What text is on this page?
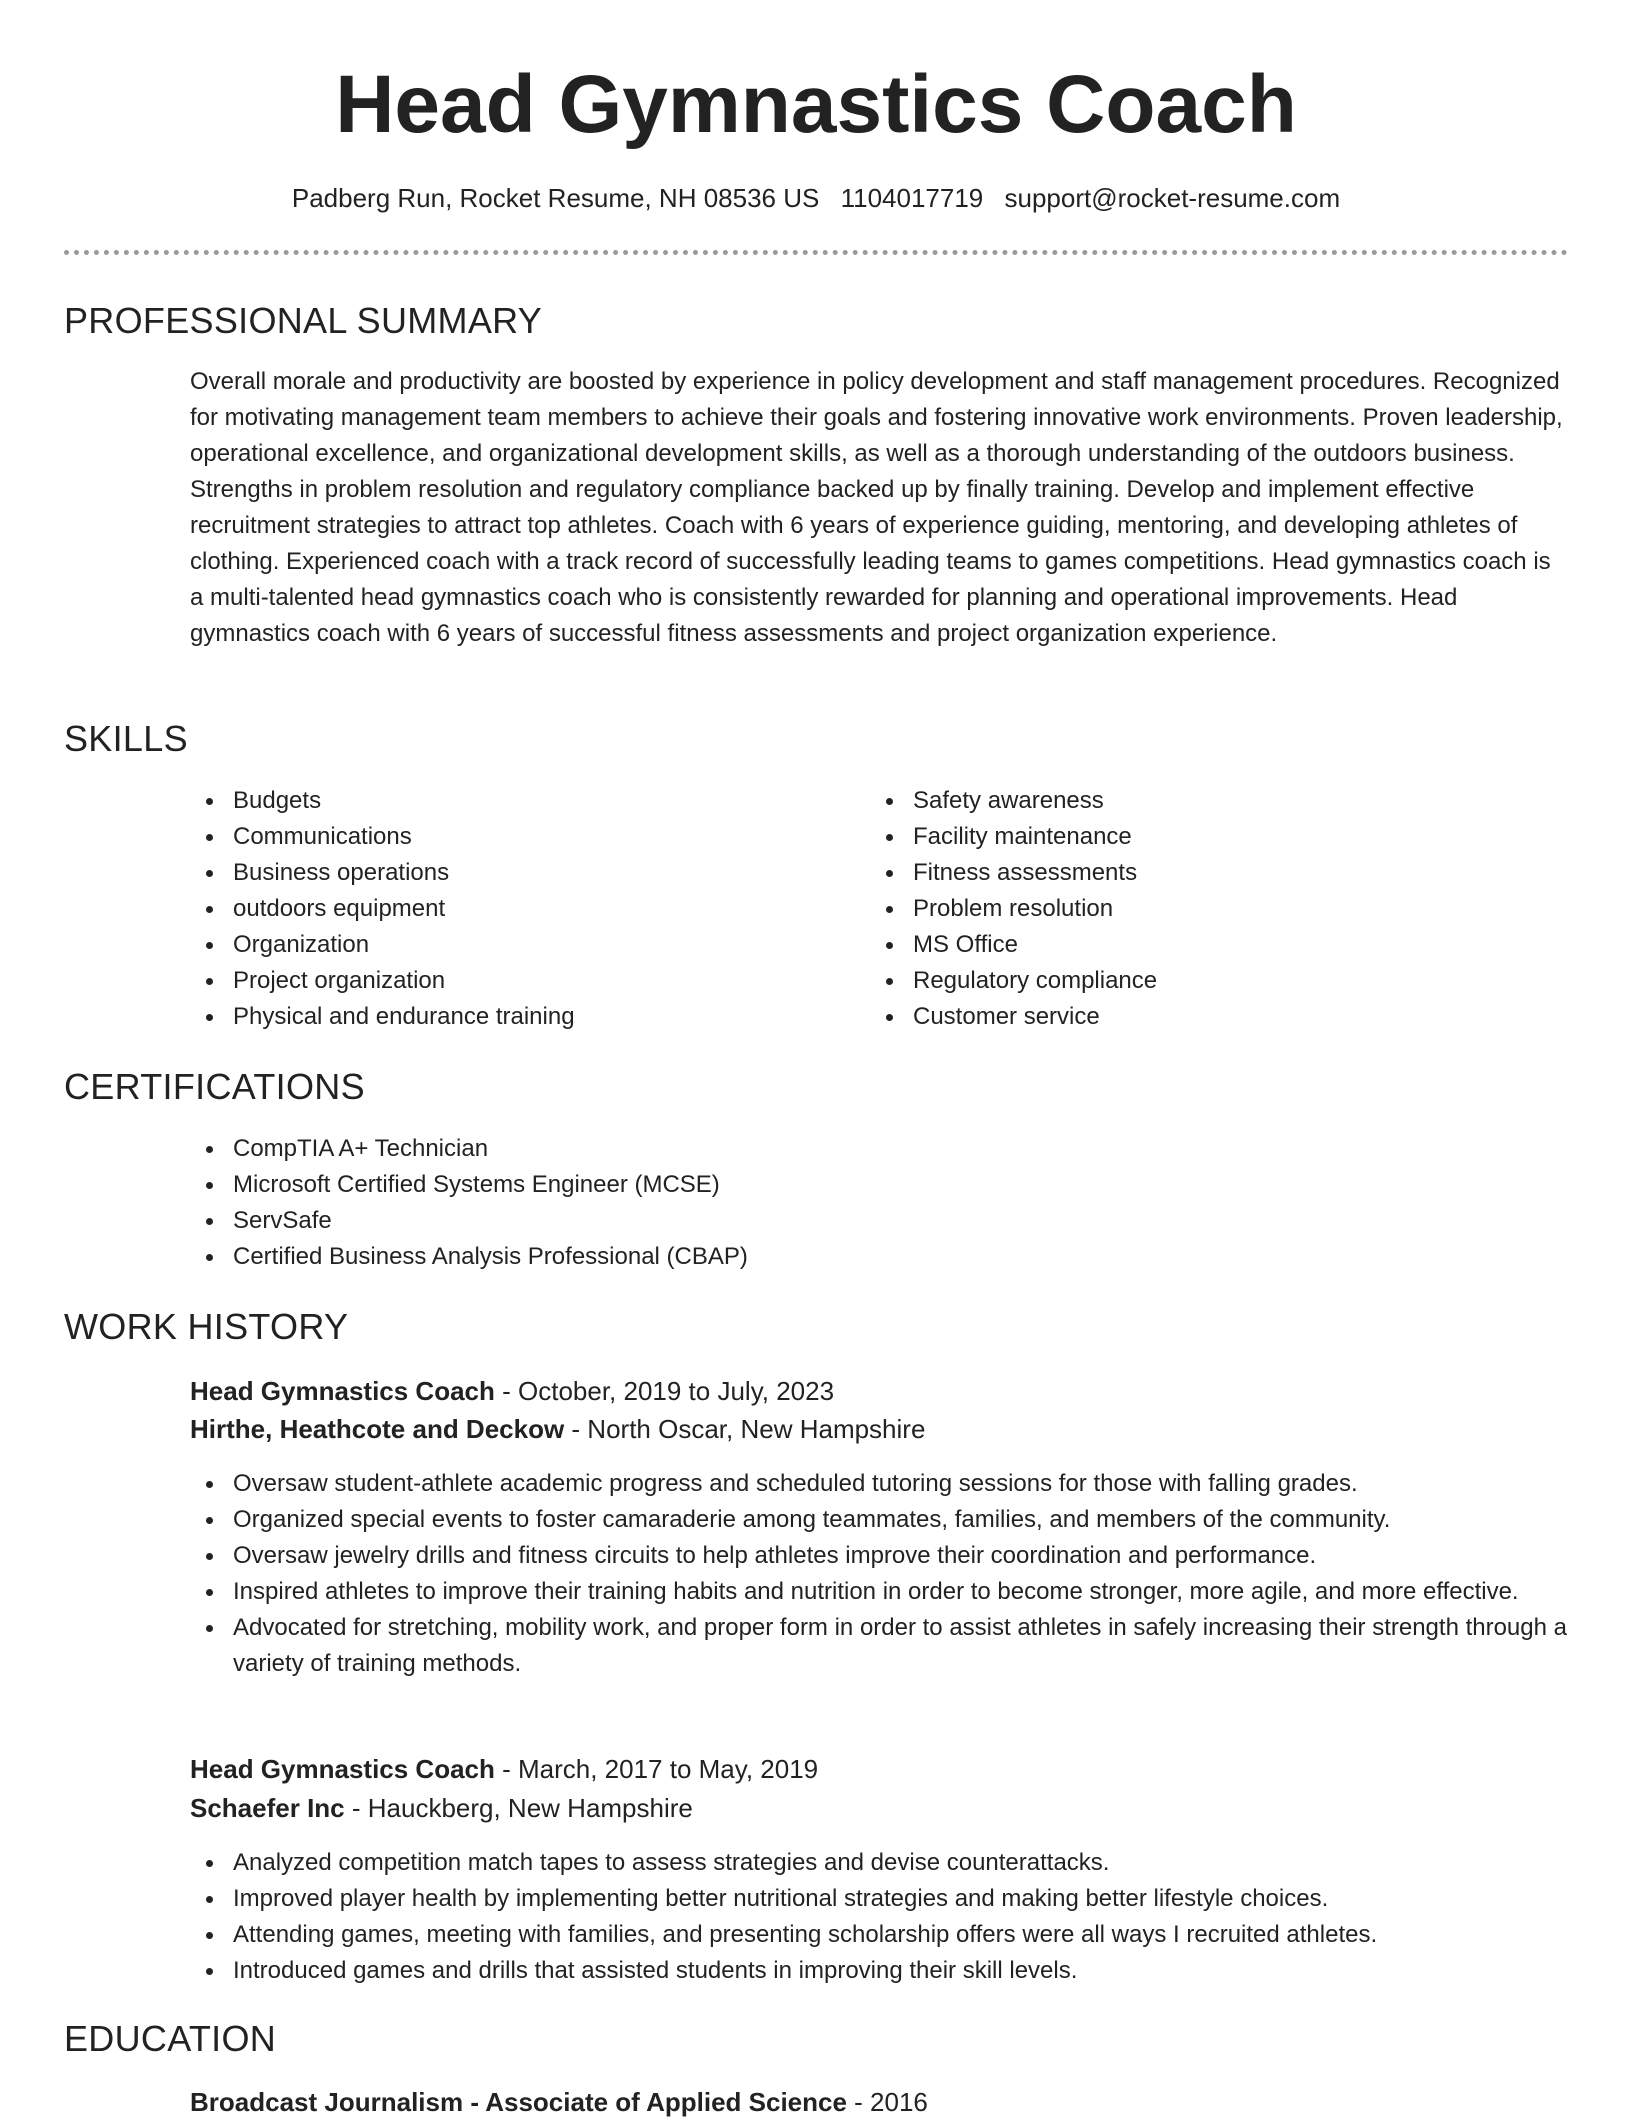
Head Gymnastics Coach
Padberg Run, Rocket Resume, NH 08536 US 1104017719 support@rocket-resume.com
PROFESSIONAL SUMMARY

Overall morale and productivity are boosted by experience in policy development and staff management procedures. Recognized for motivating management team members to achieve their goals and fostering innovative work environments. Proven leadership, operational excellence, and organizational development skills, as well as a thorough understanding of the outdoors business. Strengths in problem resolution and regulatory compliance backed up by finally training. Develop and implement effective recruitment strategies to attract top athletes. Coach with 6 years of experience guiding, mentoring, and developing athletes of clothing. Experienced coach with a track record of successfully leading teams to games competitions. Head gymnastics coach is a multi-talented head gymnastics coach who is consistently rewarded for planning and operational improvements. Head gymnastics coach with 6 years of successful fitness assessments and project organization experience.

SKILLS
Budgets
Communications
Business operations
outdoors equipment
Organization
Project organization
Physical and endurance training
Safety awareness
Facility maintenance
Fitness assessments
Problem resolution
MS Office
Regulatory compliance
Customer service
CERTIFICATIONS
CompTIA A+ Technician
Microsoft Certified Systems Engineer (MCSE)
ServSafe
Certified Business Analysis Professional (CBAP)
WORK HISTORY
Head Gymnastics Coach - October, 2019 to July, 2023
Hirthe, Heathcote and Deckow - North Oscar, New Hampshire
Oversaw student-athlete academic progress and scheduled tutoring sessions for those with falling grades.
Organized special events to foster camaraderie among teammates, families, and members of the community.
Oversaw jewelry drills and fitness circuits to help athletes improve their coordination and performance.
Inspired athletes to improve their training habits and nutrition in order to become stronger, more agile, and more effective.
Advocated for stretching, mobility work, and proper form in order to assist athletes in safely increasing their strength through a variety of training methods.
Head Gymnastics Coach - March, 2017 to May, 2019
Schaefer Inc - Hauckberg, New Hampshire
Analyzed competition match tapes to assess strategies and devise counterattacks.
Improved player health by implementing better nutritional strategies and making better lifestyle choices.
Attending games, meeting with families, and presenting scholarship offers were all ways I recruited athletes.
Introduced games and drills that assisted students in improving their skill levels.
EDUCATION
Broadcast Journalism - Associate of Applied Science - 2016
